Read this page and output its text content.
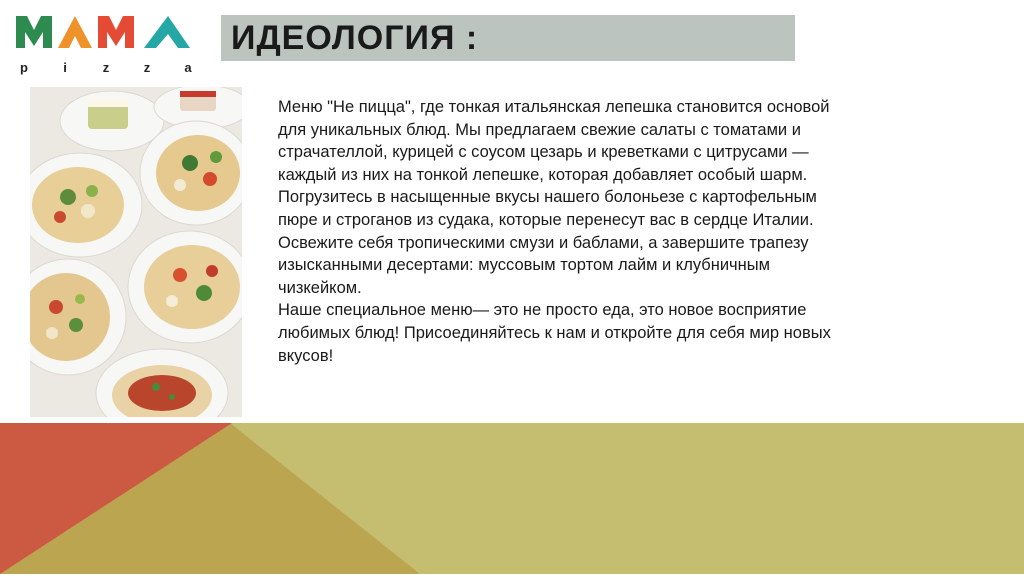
p	i	z	z	a
ИДЕОЛОГИЯ :

Меню "Не пицца", где тонкая итальянская лепешка становится основой для уникальных блюд. Мы предлагаем свежие салаты с томатами и страчателлой, курицей с соусом цезарь и креветками с цитрусами — каждый из них на тонкой лепешке, которая добавляет особый шарм. Погрузитесь в насыщенные вкусы нашего болоньезе с картофельным пюре и строганов из судака, которые перенесут вас в сердце Италии. Освежите себя тропическими смузи и баблами, а завершите трапезу изысканными десертами: муссовым тортом лайм и клубничным чизкейком.

Наше специальное меню— это не просто еда, это новое восприятие любимых блюд! Присоединяйтесь к нам и откройте для себя мир новых вкусов!
